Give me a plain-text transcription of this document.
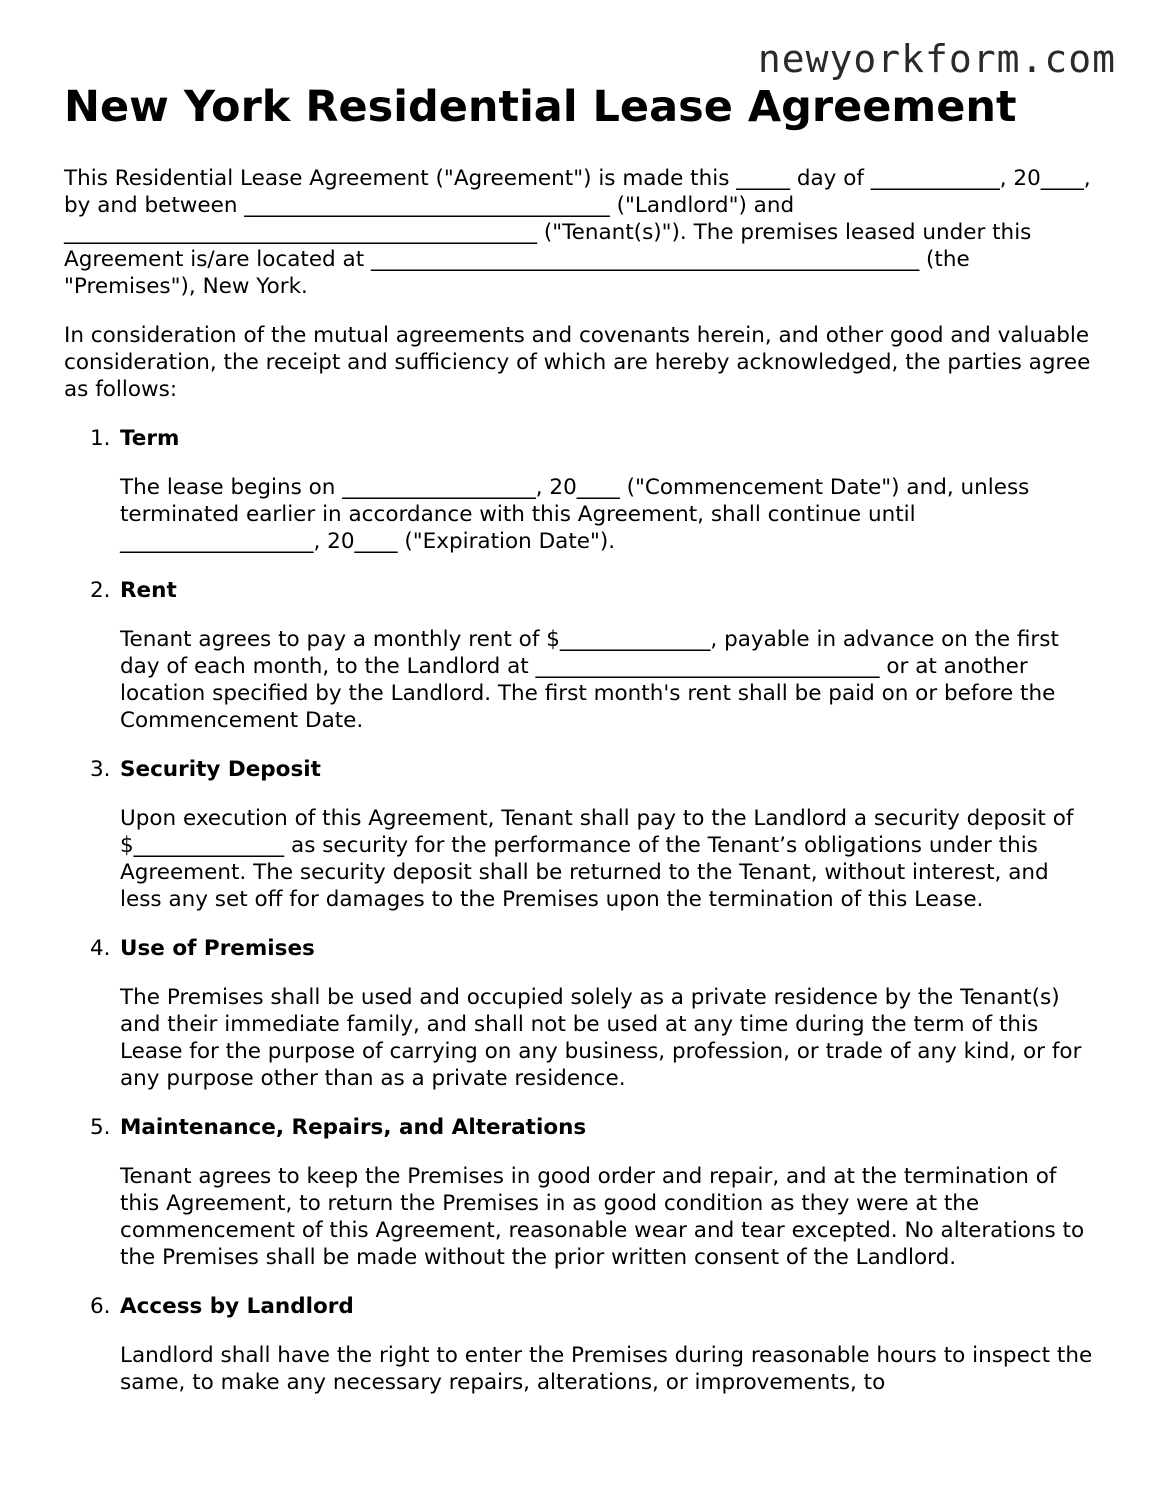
newyorkform.com
New York Residential Lease Agreement

This Residential Lease Agreement ("Agreement") is made this _____ day of ____________, 20____, by and between __________________________________ ("Landlord") and ____________________________________________ ("Tenant(s)"). The premises leased under this Agreement is/are located at ___________________________________________________ (the "Premises"), New York.

In consideration of the mutual agreements and covenants herein, and other good and valuable consideration, the receipt and sufficiency of which are hereby acknowledged, the parties agree as follows:

1. Term
The lease begins on __________________, 20____ ("Commencement Date") and, unless terminated earlier in accordance with this Agreement, shall continue until __________________, 20____ ("Expiration Date").
2. Rent
Tenant agrees to pay a monthly rent of $______________, payable in advance on the first day of each month, to the Landlord at ________________________________ or at another location specified by the Landlord. The first month's rent shall be paid on or before the Commencement Date.
3. Security Deposit
Upon execution of this Agreement, Tenant shall pay to the Landlord a security deposit of $______________ as security for the performance of the Tenant’s obligations under this Agreement. The security deposit shall be returned to the Tenant, without interest, and less any set off for damages to the Premises upon the termination of this Lease.
4. Use of Premises
The Premises shall be used and occupied solely as a private residence by the Tenant(s) and their immediate family, and shall not be used at any time during the term of this Lease for the purpose of carrying on any business, profession, or trade of any kind, or for any purpose other than as a private residence.
5. Maintenance, Repairs, and Alterations
Tenant agrees to keep the Premises in good order and repair, and at the termination of this Agreement, to return the Premises in as good condition as they were at the commencement of this Agreement, reasonable wear and tear excepted. No alterations to the Premises shall be made without the prior written consent of the Landlord.
6. Access by Landlord
Landlord shall have the right to enter the Premises during reasonable hours to inspect the same, to make any necessary repairs, alterations, or improvements, to
